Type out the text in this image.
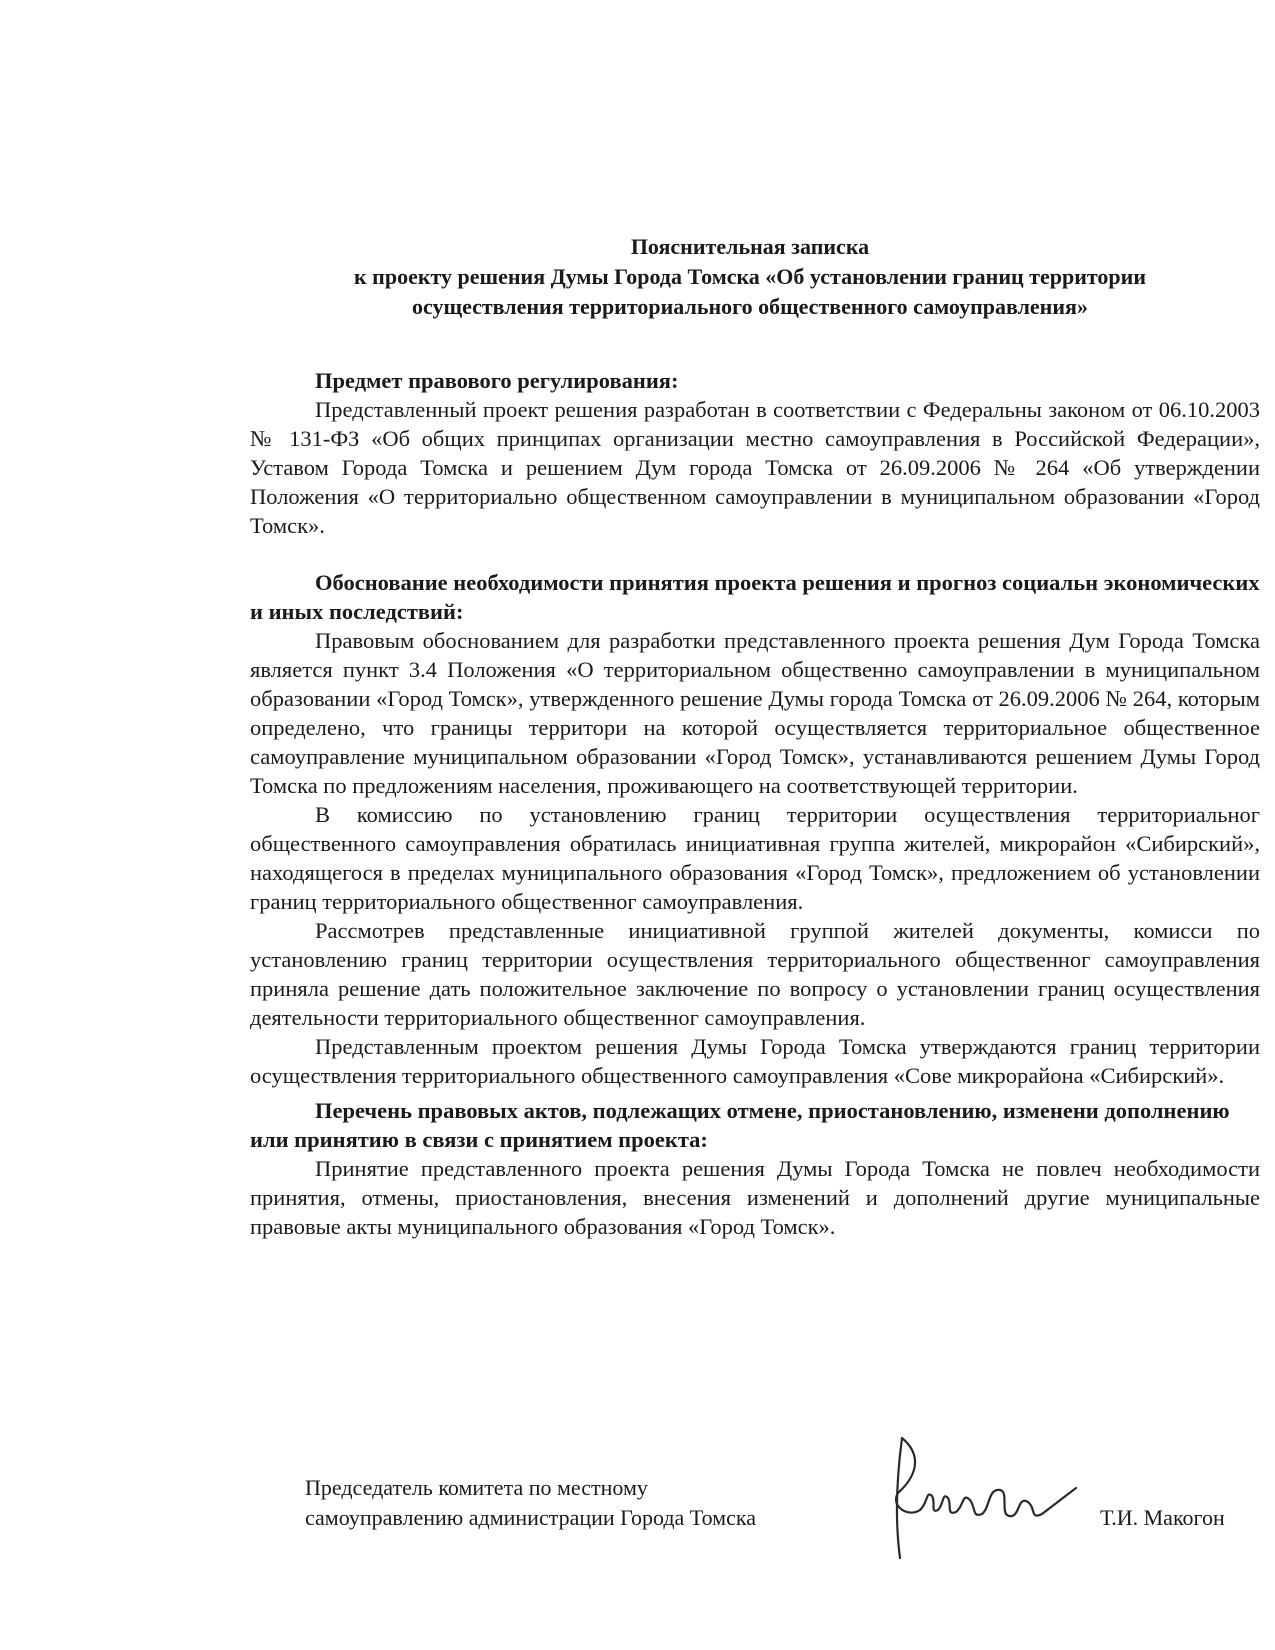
Пояснительная записка
к проекту решения Думы Города Томска «Об установлении границ территории
осуществления территориального общественного самоуправления»

Предмет правового регулирования:

Представленный проект решения разработан в соответствии с Федеральны законом от 06.10.2003 № 131-ФЗ «Об общих принципах организации местно самоуправления в Российской Федерации», Уставом Города Томска и решением Дум города Томска от 26.09.2006 № 264 «Об утверждении Положения «О территориально общественном самоуправлении в муниципальном образовании «Город Томск».

Обоснование необходимости принятия проекта решения и прогноз социальн экономических и иных последствий:

Правовым обоснованием для разработки представленного проекта решения Дум Города Томска является пункт 3.4 Положения «О территориальном общественно самоуправлении в муниципальном образовании «Город Томск», утвержденного решение Думы города Томска от 26.09.2006 № 264, которым определено, что границы территори на которой осуществляется территориальное общественное самоуправление муниципальном образовании «Город Томск», устанавливаются решением Думы Город Томска по предложениям населения, проживающего на соответствующей территории.

В комиссию по установлению границ территории осуществления территориальног общественного самоуправления обратилась инициативная группа жителей, микрорайон «Сибирский», находящегося в пределах муниципального образования «Город Томск», предложением об установлении границ территориального общественног самоуправления.

Рассмотрев представленные инициативной группой жителей документы, комисси по установлению границ территории осуществления территориального общественног самоуправления приняла решение дать положительное заключение по вопросу о установлении границ осуществления деятельности территориального общественног самоуправления.

Представленным проектом решения Думы Города Томска утверждаются границ территории осуществления территориального общественного самоуправления «Сове микрорайона «Сибирский».

Перечень правовых актов, подлежащих отмене, приостановлению, изменени дополнению или принятию в связи с принятием проекта:

Принятие представленного проекта решения Думы Города Томска не повлеч необходимости принятия, отмены, приостановления, внесения изменений и дополнений другие муниципальные правовые акты муниципального образования «Город Томск».

Председатель комитета по местному
самоуправлению администрации Города Томска	Т.И. Макогон
